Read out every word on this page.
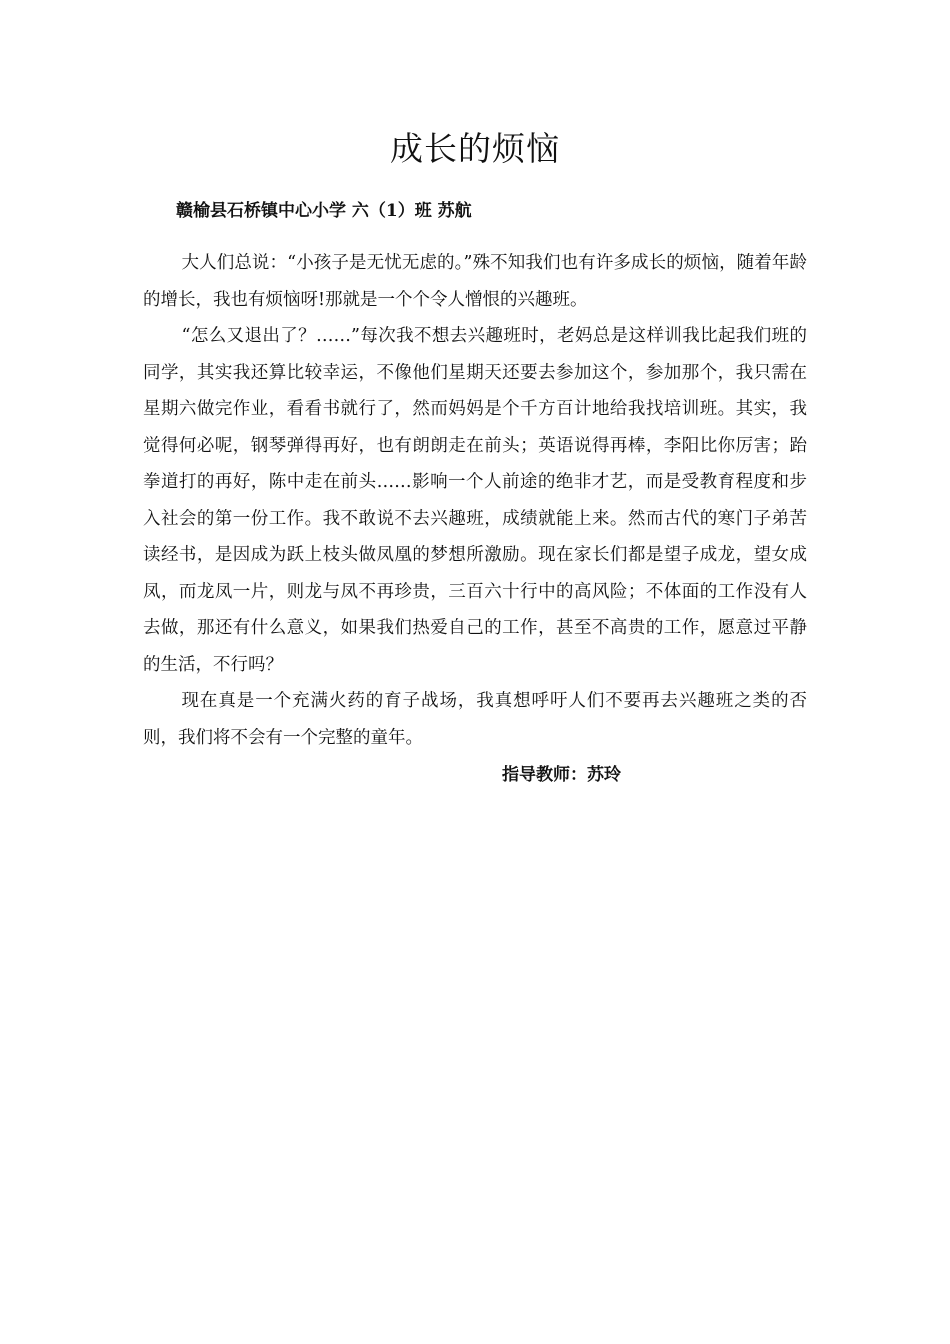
成长的烦恼
赣榆县石桥镇中心小学 六（1）班 苏航

大人们总说：“小孩子是无忧无虑的。”殊不知我们也有许多成长的烦恼，随着年龄的增长，我也有烦恼呀!那就是一个个令人憎恨的兴趣班。

“怎么又退出了？……”每次我不想去兴趣班时，老妈总是这样训我比起我们班的同学，其实我还算比较幸运，不像他们星期天还要去参加这个，参加那个，我只需在星期六做完作业，看看书就行了，然而妈妈是个千方百计地给我找培训班。其实，我觉得何必呢，钢琴弹得再好，也有朗朗走在前头；英语说得再棒，李阳比你厉害；跆拳道打的再好，陈中走在前头……影响一个人前途的绝非才艺，而是受教育程度和步入社会的第一份工作。我不敢说不去兴趣班，成绩就能上来。然而古代的寒门子弟苦读经书，是因成为跃上枝头做凤凰的梦想所激励。现在家长们都是望子成龙，望女成凤，而龙凤一片，则龙与凤不再珍贵，三百六十行中的高风险；不体面的工作没有人去做，那还有什么意义，如果我们热爱自己的工作，甚至不高贵的工作，愿意过平静的生活，不行吗？

现在真是一个充满火药的育子战场，我真想呼吁人们不要再去兴趣班之类的否则，我们将不会有一个完整的童年。

指导教师：苏玲
